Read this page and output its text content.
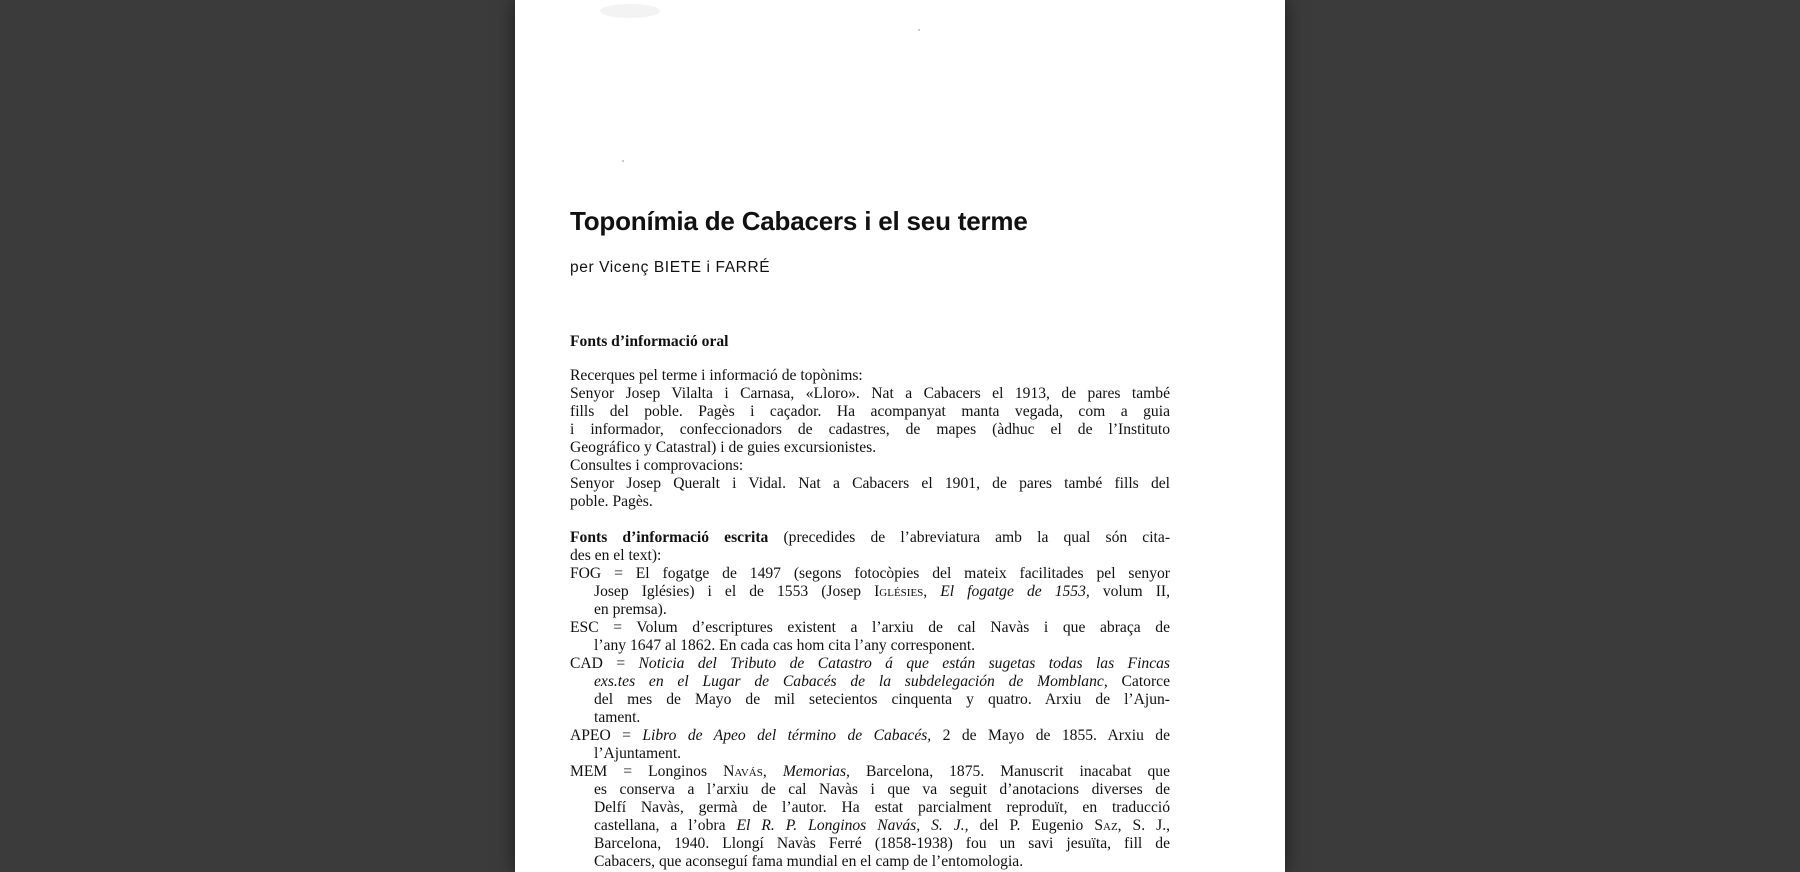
Toponímia de Cabacers i el seu terme
per Vicenç BIETE i FARRÉ
Fonts d’informació oral
Recerques pel terme i informació de topònims:
Senyor Josep Vilalta i Carnasa, «Lloro». Nat a Cabacers el 1913, de pares també
fills del poble. Pagès i caçador. Ha acompanyat manta vegada, com a guia
i informador, confeccionadors de cadastres, de mapes (àdhuc el de l’Instituto
Geográfico y Catastral) i de guies excursionistes.
Consultes i comprovacions:
Senyor Josep Queralt i Vidal. Nat a Cabacers el 1901, de pares també fills del
poble. Pagès.
Fonts d’informació escrita (precedides de l’abreviatura amb la qual són cita-
des en el text):
FOG = El fogatge de 1497 (segons fotocòpies del mateix facilitades pel senyor
Josep Iglésies) i el de 1553 (Josep Iglésies, El fogatge de 1553, volum II,
en premsa).
ESC = Volum d’escriptures existent a l’arxiu de cal Navàs i que abraça de
l’any 1647 al 1862. En cada cas hom cita l’any corresponent.
CAD = Noticia del Tributo de Catastro á que están sugetas todas las Fincas
exs.tes en el Lugar de Cabacés de la subdelegación de Momblanc, Catorce
del mes de Mayo de mil setecientos cinquenta y quatro. Arxiu de l’Ajun-
tament.
APEO = Libro de Apeo del término de Cabacés, 2 de Mayo de 1855. Arxiu de
l’Ajuntament.
MEM = Longinos Navás, Memorias, Barcelona, 1875. Manuscrit inacabat que
es conserva a l’arxiu de cal Navàs i que va seguit d’anotacions diverses de
Delfí Navàs, germà de l’autor. Ha estat parcialment reproduït, en traducció
castellana, a l’obra El R. P. Longinos Navás, S. J., del P. Eugenio Saz, S. J.,
Barcelona, 1940. Llongí Navàs Ferré (1858-1938) fou un savi jesuïta, fill de
Cabacers, que aconseguí fama mundial en el camp de l’entomologia.
